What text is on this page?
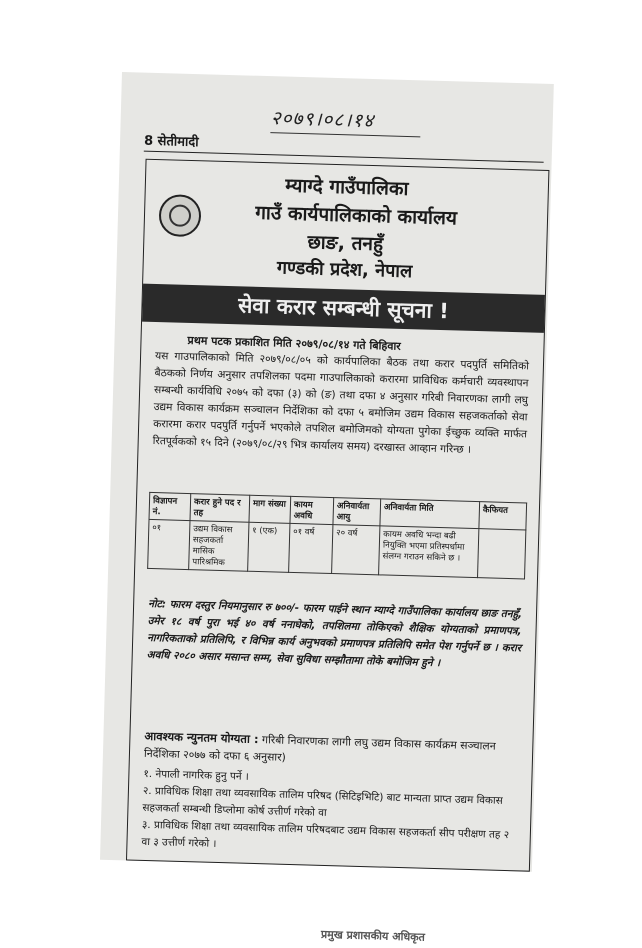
२०७९।०८।१४
8 सेतीमादी
म्याग्दे गाउँपालिका
गाउँ कार्यपालिकाको कार्यालय
छाङ, तनहुँ
गण्डकी प्रदेश, नेपाल
सेवा करार सम्बन्धी सूचना !
प्रथम पटक प्रकाशित मिति २०७९/०८/१४ गते बिहिवार
यस गाउपालिकाको मिति २०७९/०८/०५ को कार्यपालिका बैठक तथा करार पदपुर्ति समितिको बैठकको निर्णय अनुसार तपशिलका पदमा गाउपालिकाको करारमा प्राविधिक कर्मचारी व्यवस्थापन सम्बन्धी कार्यविधि २०७५ को दफा (३) को (ङ) तथा दफा ४ अनुसार गरिबी निवारणका लागी लघु उद्यम विकास कार्यक्रम सञ्चालन निर्देशिका को दफा ५ बमोजिम उद्यम विकास सहजकर्ताको सेवा करारमा करार पदपुर्ति गर्नुपर्ने भएकोले तपशिल बमोजिमको योग्यता पुगेका ईच्छुक व्यक्ति मार्फत रितपूर्वकको १५ दिने (२०७९/०८/२९ भित्र कार्यालय समय) दरखास्त आव्हान गरिन्छ ।
विज्ञापन नं.	करार हुने पद र तह	माग संख्या	कायम अवधि	अनिवार्यता आयु	अनिवार्यता मिति	कैफियत
०१	उद्यम विकास सहजकर्ता मासिक पारिश्रमिक	१ (एक)	०१ वर्ष	२० वर्ष	कायम अवधि भन्दा बढी नियुक्ति भएमा प्रतिस्पर्धामा संलग्न गराउन सकिने छ ।	
नोट: फारम दस्तुर नियमानुसार रु ७००/- फारम पाईने स्थान म्याग्दे गाउँपालिका कार्यालय छाङ तनहुँ, उमेर १८ वर्ष पुरा भई ४० वर्ष ननाघेको, तपशिलमा तोकिएको शैक्षिक योग्यताको प्रमाणपत्र, नागरिकताको प्रतिलिपि, र विभिन्न कार्य अनुभवको प्रमाणपत्र प्रतिलिपि समेत पेश गर्नुपर्ने छ । करार अवधि २०८० असार मसान्त सम्म, सेवा सुविधा सम्झौतामा तोके बमोजिम हुने ।
आवश्यक न्युनतम योग्यता : गरिबी निवारणका लागी लघु उद्यम विकास कार्यक्रम सञ्चालन निर्देशिका २०७७ को दफा ६ अनुसार)
१. नेपाली नागरिक हुनु पर्ने ।
२. प्राविधिक शिक्षा तथा व्यवसायिक तालिम परिषद (सिटिइभिटि) बाट मान्यता प्राप्त उद्यम विकास सहजकर्ता सम्बन्धी डिप्लोमा कोर्ष उत्तीर्ण गरेको वा
३. प्राविधिक शिक्षा तथा व्यवसायिक तालिम परिषदबाट उद्यम विकास सहजकर्ता सीप परीक्षण तह २ वा ३ उत्तीर्ण गरेको ।
प्रमुख प्रशासकीय अधिकृत
